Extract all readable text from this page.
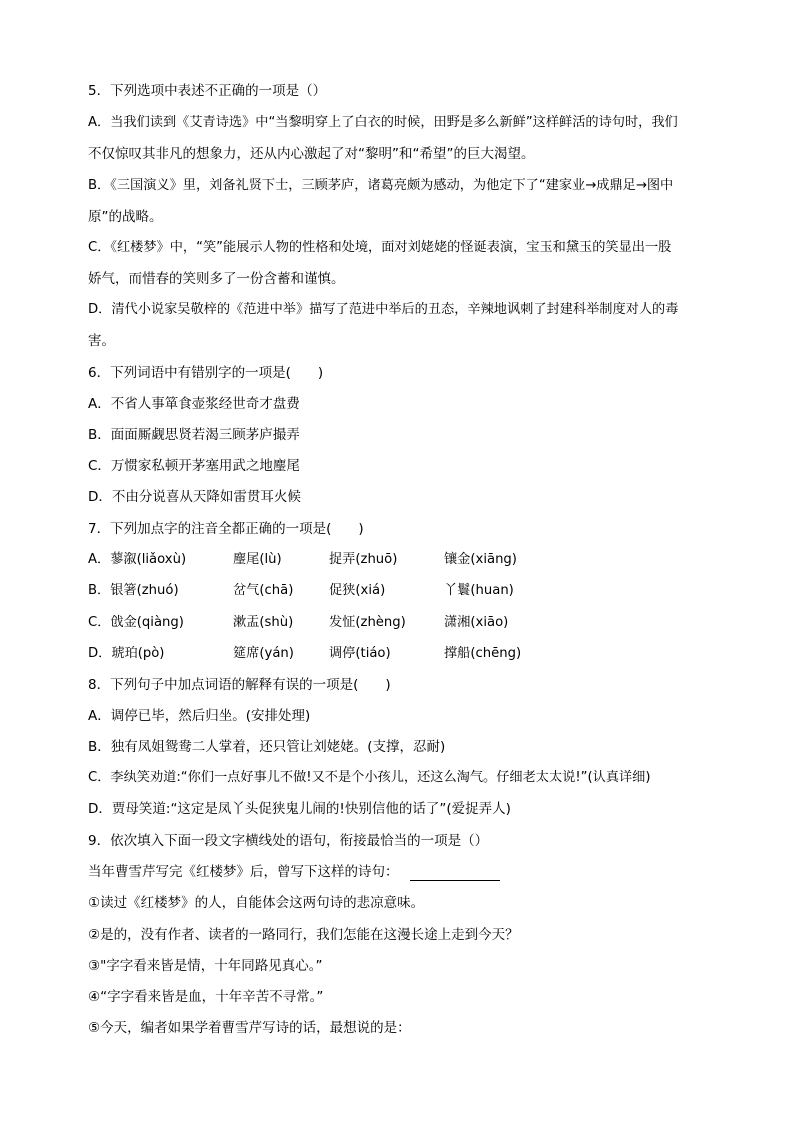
5．下列选项中表述不正确的一项是（）
A．当我们读到《艾青诗选》中“当黎明穿上了白衣的时候，田野是多么新鲜”这样鲜活的诗句时，我们
不仅惊叹其非凡的想象力，还从内心激起了对“黎明”和“希望”的巨大渴望。
B．《三国演义》里，刘备礼贤下士，三顾茅庐，诸葛亮颇为感动，为他定下了“建家业→成鼎足→图中
原”的战略。
C．《红楼梦》中，“笑”能展示人物的性格和处境，面对刘姥姥的怪诞表演，宝玉和黛玉的笑显出一股
娇气，而惜春的笑则多了一份含蓄和谨慎。
D．清代小说家吴敬梓的《范进中举》描写了范进中举后的丑态，辛辣地讽刺了封建科举制度对人的毒
害。
6．下列词语中有错别字的一项是(　　)
A．不省人事箪食壶浆经世奇才盘费
B．面面厮觑思贤若渴三顾茅庐撮弄
C．万惯家私顿开茅塞用武之地麈尾
D．不由分说喜从天降如雷贯耳火候
7．下列加点字的注音全都正确的一项是(　　)
A．蓼溆(liǎoxù)	麈尾(lù)	捉弄(zhuō)	镶金(xiāng)
B．银箸(zhuó)	岔气(chā)	促狭(xiá)	丫鬟(huan)
C．戗金(qiàng)	漱盂(shù)	发怔(zhèng)	潇湘(xiāo)
D．琥珀(pò)	筵席(yán)	调停(tiáo)	撑船(chēng)
8．下列句子中加点词语的解释有误的一项是(　　)
A．调停已毕，然后归坐。(安排处理)
B．独有凤姐鸳鸯二人掌着，还只管让刘姥姥。(支撑，忍耐)
C．李纨笑劝道:“你们一点好事儿不做!又不是个小孩儿，还这么淘气。仔细老太太说!”(认真详细)
D．贾母笑道:“这定是凤丫头促狭鬼儿闹的!快别信他的话了”(爱捉弄人)
9．依次填入下面一段文字横线处的语句，衔接最恰当的一项是（）
当年曹雪芹写完《红楼梦》后，曾写下这样的诗句：
①读过《红楼梦》的人，自能体会这两句诗的悲凉意味。
②是的，没有作者、读者的一路同行，我们怎能在这漫长途上走到今天？
③"字字看来皆是情，十年同路见真心。”
④“字字看来皆是血，十年辛苦不寻常。”
⑤今天，编者如果学着曹雪芹写诗的话，最想说的是：
